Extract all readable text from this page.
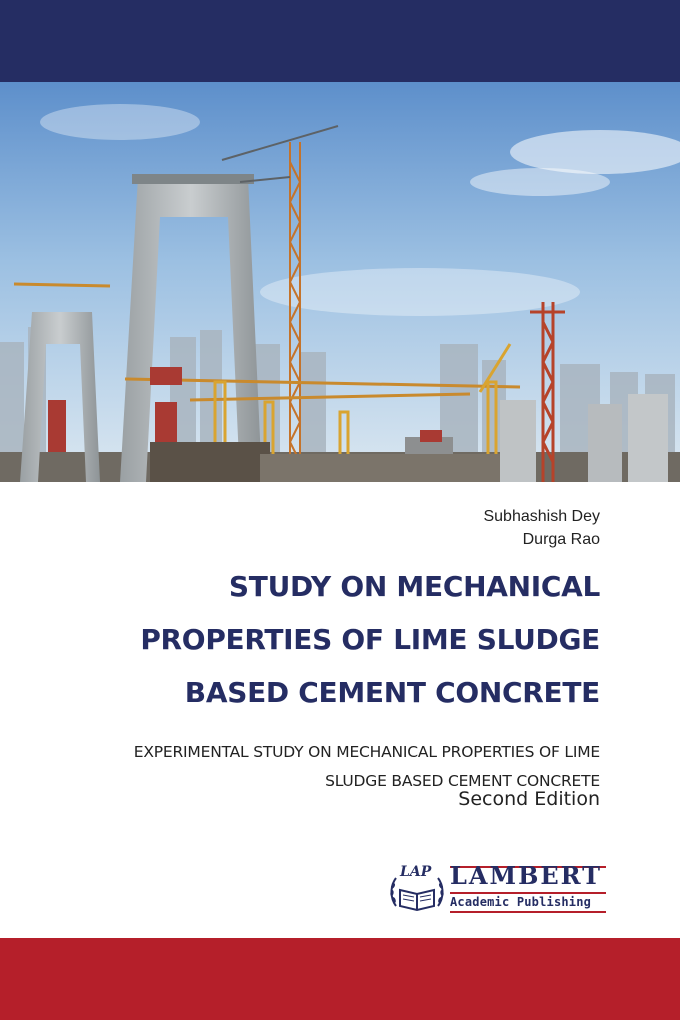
Subhashish Dey
Durga Rao
STUDY ON MECHANICAL
PROPERTIES OF LIME SLUDGE
BASED CEMENT CONCRETE
EXPERIMENTAL STUDY ON MECHANICAL PROPERTIES OF LIME
SLUDGE BASED CEMENT CONCRETE
Second Edition
LAP LAMBERT
Academic Publishing
